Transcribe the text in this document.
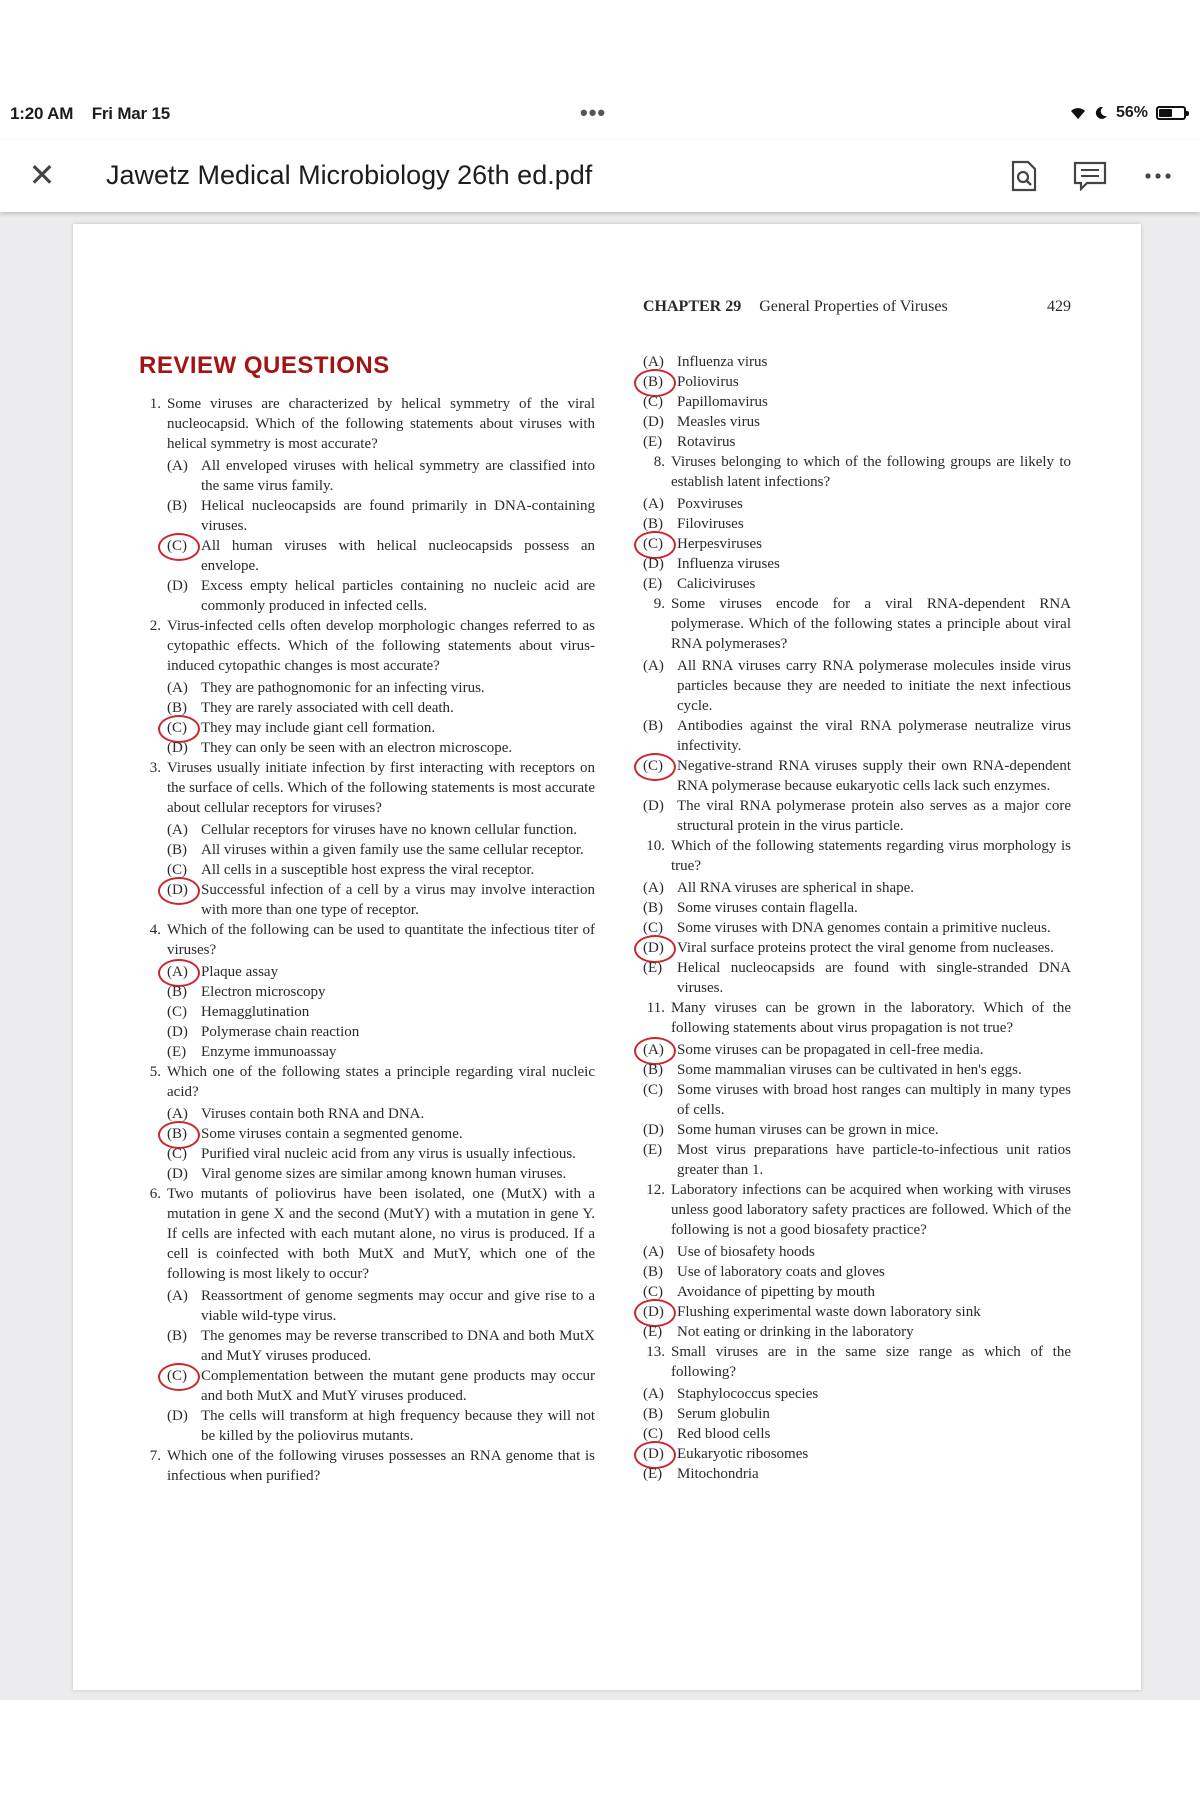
1:20 AM Fri Mar 15	•••	56%
✕ Jawetz Medical Microbiology 26th ed.pdf
CHAPTER 29 General Properties of Viruses	429
REVIEW QUESTIONS
1. Some viruses are characterized by helical symmetry of the viral nucleocapsid. Which of the following statements about viruses with helical symmetry is most accurate?
(A) All enveloped viruses with helical symmetry are classified into the same virus family.
(B) Helical nucleocapsids are found primarily in DNA-containing viruses.
(C) All human viruses with helical nucleocapsids possess an envelope.
(D) Excess empty helical particles containing no nucleic acid are commonly produced in infected cells.
2. Virus-infected cells often develop morphologic changes referred to as cytopathic effects. Which of the following statements about virus-induced cytopathic changes is most accurate?
(A) They are pathognomonic for an infecting virus.
(B) They are rarely associated with cell death.
(C) They may include giant cell formation.
(D) They can only be seen with an electron microscope.
3. Viruses usually initiate infection by first interacting with receptors on the surface of cells. Which of the following statements is most accurate about cellular receptors for viruses?
(A) Cellular receptors for viruses have no known cellular function.
(B) All viruses within a given family use the same cellular receptor.
(C) All cells in a susceptible host express the viral receptor.
(D) Successful infection of a cell by a virus may involve interaction with more than one type of receptor.
4. Which of the following can be used to quantitate the infectious titer of viruses?
(A) Plaque assay
(B) Electron microscopy
(C) Hemagglutination
(D) Polymerase chain reaction
(E) Enzyme immunoassay
5. Which one of the following states a principle regarding viral nucleic acid?
(A) Viruses contain both RNA and DNA.
(B) Some viruses contain a segmented genome.
(C) Purified viral nucleic acid from any virus is usually infectious.
(D) Viral genome sizes are similar among known human viruses.
6. Two mutants of poliovirus have been isolated, one (MutX) with a mutation in gene X and the second (MutY) with a mutation in gene Y. If cells are infected with each mutant alone, no virus is produced. If a cell is coinfected with both MutX and MutY, which one of the following is most likely to occur?
(A) Reassortment of genome segments may occur and give rise to a viable wild-type virus.
(B) The genomes may be reverse transcribed to DNA and both MutX and MutY viruses produced.
(C) Complementation between the mutant gene products may occur and both MutX and MutY viruses produced.
(D) The cells will transform at high frequency because they will not be killed by the poliovirus mutants.
7. Which one of the following viruses possesses an RNA genome that is infectious when purified?
(A) Influenza virus
(B) Poliovirus
(C) Papillomavirus
(D) Measles virus
(E) Rotavirus
8. Viruses belonging to which of the following groups are likely to establish latent infections?
(A) Poxviruses
(B) Filoviruses
(C) Herpesviruses
(D) Influenza viruses
(E) Caliciviruses
9. Some viruses encode for a viral RNA-dependent RNA polymerase. Which of the following states a principle about viral RNA polymerases?
(A) All RNA viruses carry RNA polymerase molecules inside virus particles because they are needed to initiate the next infectious cycle.
(B) Antibodies against the viral RNA polymerase neutralize virus infectivity.
(C) Negative-strand RNA viruses supply their own RNA-dependent RNA polymerase because eukaryotic cells lack such enzymes.
(D) The viral RNA polymerase protein also serves as a major core structural protein in the virus particle.
10. Which of the following statements regarding virus morphology is true?
(A) All RNA viruses are spherical in shape.
(B) Some viruses contain flagella.
(C) Some viruses with DNA genomes contain a primitive nucleus.
(D) Viral surface proteins protect the viral genome from nucleases.
(E) Helical nucleocapsids are found with single-stranded DNA viruses.
11. Many viruses can be grown in the laboratory. Which of the following statements about virus propagation is not true?
(A) Some viruses can be propagated in cell-free media.
(B) Some mammalian viruses can be cultivated in hen's eggs.
(C) Some viruses with broad host ranges can multiply in many types of cells.
(D) Some human viruses can be grown in mice.
(E) Most virus preparations have particle-to-infectious unit ratios greater than 1.
12. Laboratory infections can be acquired when working with viruses unless good laboratory safety practices are followed. Which of the following is not a good biosafety practice?
(A) Use of biosafety hoods
(B) Use of laboratory coats and gloves
(C) Avoidance of pipetting by mouth
(D) Flushing experimental waste down laboratory sink
(E) Not eating or drinking in the laboratory
13. Small viruses are in the same size range as which of the following?
(A) Staphylococcus species
(B) Serum globulin
(C) Red blood cells
(D) Eukaryotic ribosomes
(E) Mitochondria
